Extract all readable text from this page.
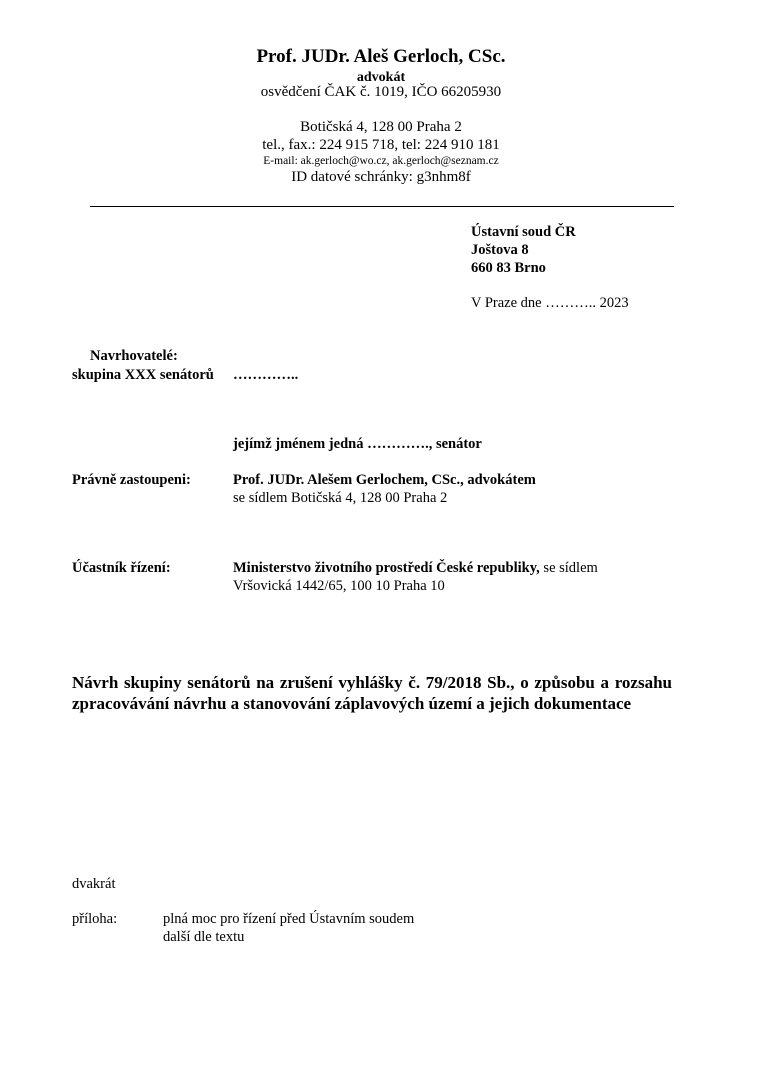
Prof. JUDr. Aleš Gerloch, CSc.
advokát
osvědčení ČAK č. 1019, IČO 66205930
Botičská 4, 128 00 Praha 2
tel., fax.: 224 915 718, tel: 224 910 181
E-mail: ak.gerloch@wo.cz, ak.gerloch@seznam.cz
ID datové schránky: g3nhm8f
Ústavní soud ČR
Joštova 8
660 83 Brno
V Praze dne ……….. 2023
Navrhovatelé:
skupina XXX senátorů …………..
jejímž jménem jedná …………., senátor
Právně zastoupeni:	Prof. JUDr. Alešem Gerlochem, CSc., advokátem
se sídlem Botičská 4, 128 00 Praha 2
Účastník řízení:	Ministerstvo životního prostředí České republiky, se sídlem
Vršovická 1442/65, 100 10 Praha 10
Návrh skupiny senátorů na zrušení vyhlášky č. 79/2018 Sb., o způsobu a rozsahu zpracovávání návrhu a stanovování záplavových území a jejich dokumentace
dvakrát
příloha:	plná moc pro řízení před Ústavním soudem
další dle textu
